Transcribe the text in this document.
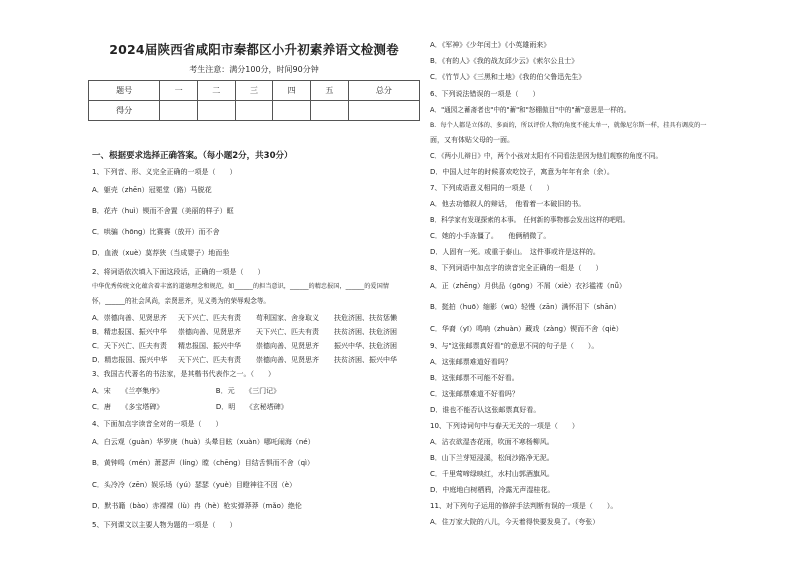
2024届陕西省咸阳市秦都区小升初素养语文检测卷
考生注意：满分100分，时间90分钟
题号	一	二	三	四	五	总分
得分						
一、根据要求选择正确答案。（每小题2分，共30分）
1、下列音、形、义完全正确的一项是（　　）
A．躯壳（zhēn）冠冕堂（路）马脱花
B．花卉（huì）锲而不舍置（美丽的样子）眶
C．哄骗（hōng）比赛赛（放开）而不舍
D．血液（xuè）莫荐狭（当成婴子）地而坐
2、将词语依次填入下面这段话，正确的一项是（　　）
中华优秀传统文化蕴含着丰富的道德理念和规范，如______的担当意识，______的精忠报国，______的爱国情
怀，______的社会风尚，亲贤思齐，见义勇为的荣辱观念等。
A．崇德向善、见贤思齐 天下兴亡、匹夫有责 苟利国家、舍身取义 扶危济困、扶贫惩懒
B．精忠报国、振兴中华 崇德向善、见贤思齐 天下兴亡、匹夫有责 扶贫济困、扶危济困
C．天下兴亡、匹夫有责 精忠报国、振兴中华 崇德向善、见贤思齐 振兴中华、扶危济困
D．精忠报国、振兴中华 天下兴亡、匹夫有责 崇德向善、见贤思齐 扶贫济困、振兴中华
3、我国古代著名的书法家，是其楷书代表作之一。（　　）
A．宋　　《兰亭集序》　　　　　　　　B．元　　《三门记》
C．唐　　《多宝塔碑》　　　　　　　　D．明　　《玄秘塔碑》
4、下面加点字读音全对的一项是（　　）
A．白云观（guàn）华罗庚（huà）头晕目眩（xuàn）哪吒闹海（né）
B．黄钟鸣（mén）萧瑟声（líng）瞠（chēng）目结舌惧而不舍（qì）
C．头冷冷（zēn）娱乐场（yú）瑟瑟（yuè）目瞪神往不因（è）
D．默书籍（bào）赤裸裸（lù）冉（hè）枪实弹莽莽（mǎo）绝伦
5、下列课文以主要人物为题的一项是（　　）
A．《军神》《少年闰土》《小英雄雨来》
B．《有的人》《我的战友邱少云》《索尔公且士》
C．《竹节人》《三黑和土地》《我的伯父鲁迅先生》
6、下列说法错误的一项是（　　）
A．"通园之蓄斋者也"中的"蓄"和"怒棚傲目"中的"蓄"意思是一样的。
B．每个人都是立体的、多面的，所以评价人物的角度不能太单一，就像尼尔斯一样，挂具有调皮的一
面，又有体贴父母的一面。
C．《两小儿辩日》中，两个小孩对太阳有不同看法是因为他们观察的角度不同。
D．中国人过年的时候喜欢吃饺子，寓意为年年有余（余）。
7、下列成语意义相同的一项是（　　）
A．他去功德叙人的辩话，　他看着一本破旧的书。
B．科学家有发现探索的本事。　任何新的事物都会发出这样的吧唱。
C．她的小手冻僵了。　　他俩稍微了。
D．人固有一死。或重于泰山。　这件事或许是这样的。
8、下列词语中加点字的读音完全正确的一组是（　　）
A．正（zhēng）月供品（gōng）不屑（xiè）衣衫褴褛（nǚ）
B．挺拍（huō）缩影（wū）轻慢（zān）满怀泪下（shān）
C．华裔（yī）鸣响（zhuàn）藏戏（zàng）锲而不舍（qiè）
9、与"这张邮票真好看"的意思不同的句子是（　　）。
A．这张邮票难道好看吗？
B．这张邮票不可能不好看。
C．这张邮票难道不好看吗？
D．谁也不能否认这张邮票真好看。
10、下列诗词句中与春天无关的一项是（　　）
A．沾衣欲湿杏花雨，吹面不寒杨柳风。
B．山下兰芽短浸溪，松间沙路净无泥。
C．千里莺啼绿映红，水村山郭酒旗风。
D．中庭地白树栖鸦，冷露无声湿桂花。
11、对下列句子运用的修辞手法判断有误的一项是（　　）。
A．住万家大院的八儿，今天着得快要发臭了。（夸张）
